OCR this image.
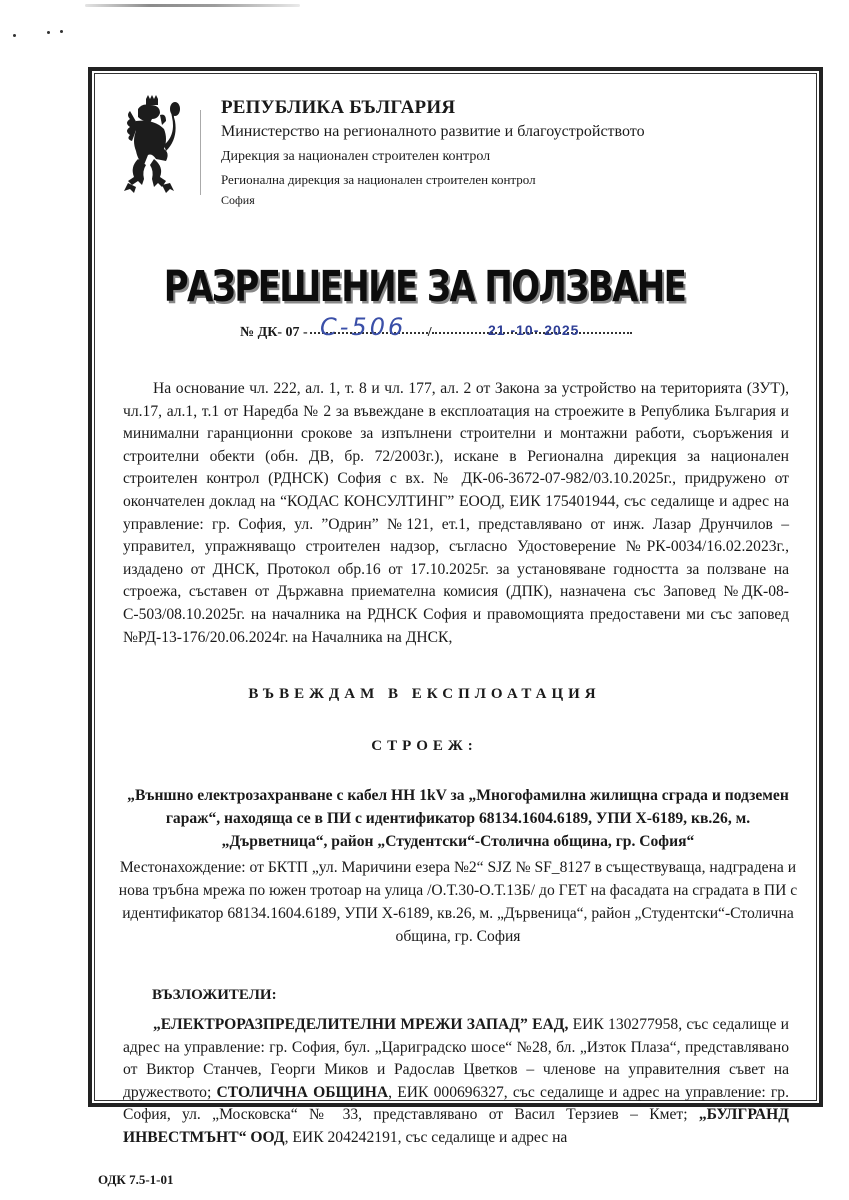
РЕПУБЛИКА БЪЛГАРИЯ
Министерство на регионалното развитие и благоустройството
Дирекция за национален строителен контрол
Регионална дирекция за национален строителен контрол
София
РАЗРЕШЕНИЕ ЗА ПОЛЗВАНЕ
№ ДК- 07 -	/
С-506	21 -10- 2025
На основание чл. 222, ал. 1, т. 8 и чл. 177, ал. 2 от Закона за устройство на територията (ЗУТ), чл.17, ал.1, т.1 от Наредба № 2 за въвеждане в експлоатация на строежите в Република България и минимални гаранционни срокове за изпълнени строителни и монтажни работи, съоръжения и строителни обекти (обн. ДВ, бр. 72/2003г.), искане в Регионална дирекция за национален строителен контрол (РДНСК) София с вх. № ДК-06-3672-07-982/03.10.2025г., придружено от окончателен доклад на “КОДАС КОНСУЛТИНГ” ЕООД, ЕИК 175401944, със седалище и адрес на управление: гр. София, ул. ”Одрин” №121, ет.1, представлявано от инж. Лазар Друнчилов – управител, упражняващо строителен надзор, съгласно Удостоверение №РК-0034/16.02.2023г., издадено от ДНСК, Протокол обр.16 от 17.10.2025г. за установяване годността за ползване на строежа, съставен от Държавна приемателна комисия (ДПК), назначена със Заповед №ДК-08-С-503/08.10.2025г. на началника на РДНСК София и правомощията предоставени ми със заповед №РД-13-176/20.06.2024г. на Началника на ДНСК,
ВЪВЕЖДАМ В ЕКСПЛОАТАЦИЯ
СТРОЕЖ:
„Външно електрозахранване с кабел НН 1kV за „Многофамилна жилищна сграда и подземен гараж“, находяща се в ПИ с идентификатор 68134.1604.6189, УПИ Х-6189, кв.26, м. „Дърветница“, район „Студентски“-Столична община, гр. София“
Местонахождение: от БКТП „ул. Маричини езера №2“ SJZ № SF_8127 в съществуваща, надградена и нова тръбна мрежа по южен тротоар на улица /О.Т.30-О.Т.13Б/ до ГЕТ на фасадата на сградата в ПИ с идентификатор 68134.1604.6189, УПИ Х-6189, кв.26, м. „Дървеница“, район „Студентски“-Столична община, гр. София
ВЪЗЛОЖИТЕЛИ:
„ЕЛЕКТРОРАЗПРЕДЕЛИТЕЛНИ МРЕЖИ ЗАПАД” ЕАД, ЕИК 130277958, със седалище и адрес на управление: гр. София, бул. „Цариградско шосе“ №28, бл. „Изток Плаза“, представлявано от Виктор Станчев, Георги Миков и Радослав Цветков – членове на управителния съвет на дружеството; СТОЛИЧНА ОБЩИНА, ЕИК 000696327, със седалище и адрес на управление: гр. София, ул. „Московска“ № 33, представлявано от Васил Терзиев – Кмет; „БУЛГРАНД ИНВЕСТМЪНТ“ ООД, ЕИК 204242191, със седалище и адрес на
ОДК 7.5-1-01
